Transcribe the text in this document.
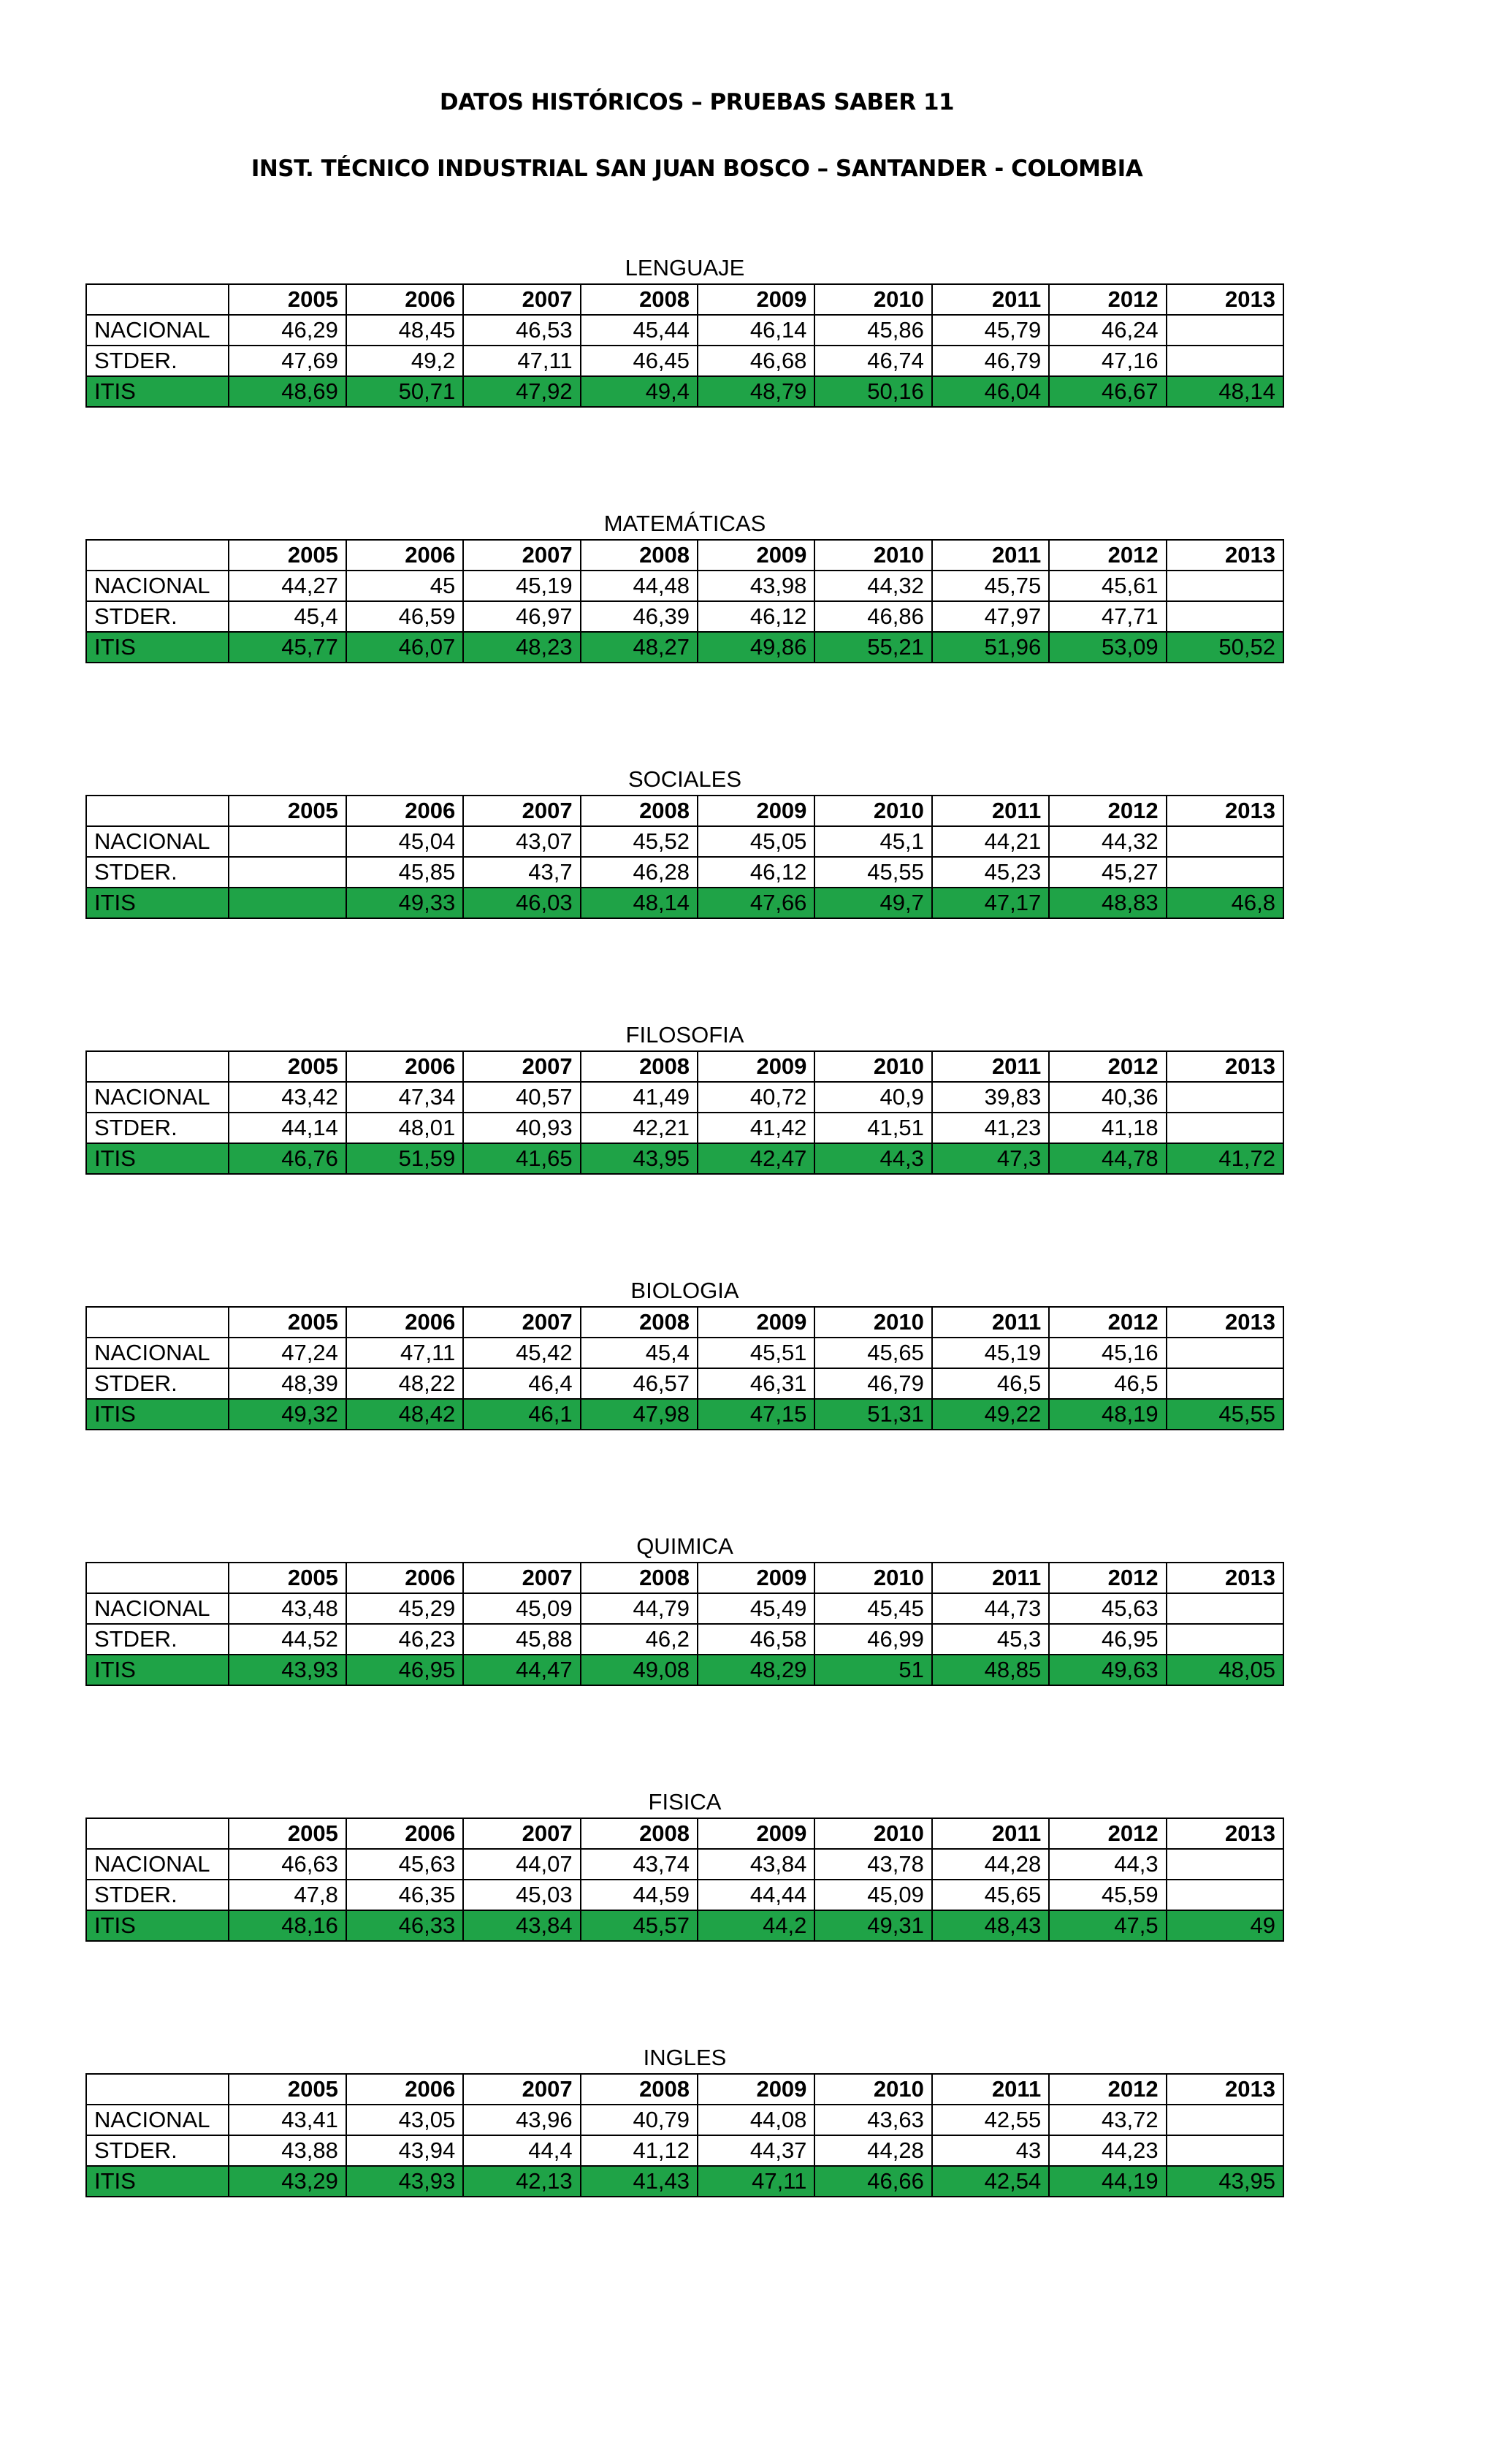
DATOS HISTÓRICOS – PRUEBAS SABER 11
INST. TÉCNICO INDUSTRIAL SAN JUAN BOSCO – SANTANDER - COLOMBIA
LENGUAJE
	2005	2006	2007	2008	2009	2010	2011	2012	2013
NACIONAL	46,29	48,45	46,53	45,44	46,14	45,86	45,79	46,24	
STDER.	47,69	49,2	47,11	46,45	46,68	46,74	46,79	47,16	
ITIS	48,69	50,71	47,92	49,4	48,79	50,16	46,04	46,67	48,14
MATEMÁTICAS
	2005	2006	2007	2008	2009	2010	2011	2012	2013
NACIONAL	44,27	45	45,19	44,48	43,98	44,32	45,75	45,61	
STDER.	45,4	46,59	46,97	46,39	46,12	46,86	47,97	47,71	
ITIS	45,77	46,07	48,23	48,27	49,86	55,21	51,96	53,09	50,52
SOCIALES
	2005	2006	2007	2008	2009	2010	2011	2012	2013
NACIONAL		45,04	43,07	45,52	45,05	45,1	44,21	44,32	
STDER.		45,85	43,7	46,28	46,12	45,55	45,23	45,27	
ITIS		49,33	46,03	48,14	47,66	49,7	47,17	48,83	46,8
FILOSOFIA
	2005	2006	2007	2008	2009	2010	2011	2012	2013
NACIONAL	43,42	47,34	40,57	41,49	40,72	40,9	39,83	40,36	
STDER.	44,14	48,01	40,93	42,21	41,42	41,51	41,23	41,18	
ITIS	46,76	51,59	41,65	43,95	42,47	44,3	47,3	44,78	41,72
BIOLOGIA
	2005	2006	2007	2008	2009	2010	2011	2012	2013
NACIONAL	47,24	47,11	45,42	45,4	45,51	45,65	45,19	45,16	
STDER.	48,39	48,22	46,4	46,57	46,31	46,79	46,5	46,5	
ITIS	49,32	48,42	46,1	47,98	47,15	51,31	49,22	48,19	45,55
QUIMICA
	2005	2006	2007	2008	2009	2010	2011	2012	2013
NACIONAL	43,48	45,29	45,09	44,79	45,49	45,45	44,73	45,63	
STDER.	44,52	46,23	45,88	46,2	46,58	46,99	45,3	46,95	
ITIS	43,93	46,95	44,47	49,08	48,29	51	48,85	49,63	48,05
FISICA
	2005	2006	2007	2008	2009	2010	2011	2012	2013
NACIONAL	46,63	45,63	44,07	43,74	43,84	43,78	44,28	44,3	
STDER.	47,8	46,35	45,03	44,59	44,44	45,09	45,65	45,59	
ITIS	48,16	46,33	43,84	45,57	44,2	49,31	48,43	47,5	49
INGLES
	2005	2006	2007	2008	2009	2010	2011	2012	2013
NACIONAL	43,41	43,05	43,96	40,79	44,08	43,63	42,55	43,72	
STDER.	43,88	43,94	44,4	41,12	44,37	44,28	43	44,23	
ITIS	43,29	43,93	42,13	41,43	47,11	46,66	42,54	44,19	43,95
